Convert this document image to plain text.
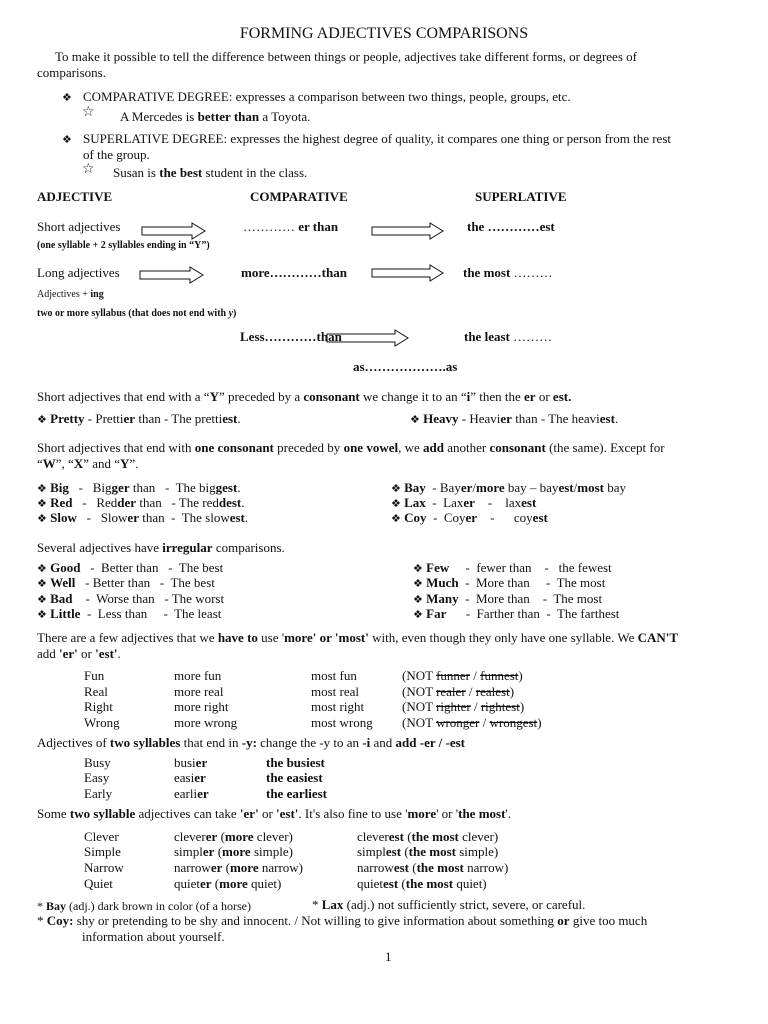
FORMING ADJECTIVES COMPARISONS
To make it possible to tell the difference between things or people, adjectives take different forms, or degrees of
comparisons.
❖ COMPARATIVE DEGREE: expresses a comparison between two things, people, groups, etc.
☆ A Mercedes is better than a Toyota.
❖ SUPERLATIVE DEGREE: expresses the highest degree of quality, it compares one thing or person from the rest
of the group.
☆ Susan is the best student in the class.
ADJECTIVE	COMPARATIVE	SUPERLATIVE
Short adjectives	………… er than	the …………est
(one syllable + 2 syllables ending in “Y”)
Long adjectives	more…………than	the most ………
Adjectives + ing
two or more syllabus (that does not end with y)
Less…………than	the least ………
as……………….as
Short adjectives that end with a “Y” preceded by a consonant we change it to an “i” then the er or est.
❖ Pretty - Prettier than - The prettiest.	❖ Heavy - Heavier than - The heaviest.
Short adjectives that end with one consonant preceded by one vowel, we add another consonant (the same). Except for
“W”, “X” and “Y”.
❖ Big   -   Bigger than   -  The biggest.
❖ Red   -   Redder than   - The reddest.
❖ Slow   -   Slower than  -  The slowest.
❖ Bay  - Bayer/more bay – bayest/most bay
❖ Lax  -  Laxer    -    laxest
❖ Coy  -  Coyer    -      coyest
Several adjectives have irregular comparisons.
❖ Good   -  Better than   -  The best
❖ Well   - Better than   -  The best
❖ Bad    -  Worse than   - The worst
❖ Little  -  Less than     -  The least
❖ Few     -  fewer than    -   the fewest
❖ Much  -  More than     -  The most
❖ Many  -  More than    -  The most
❖ Far      -  Farther than  -  The farthest
There are a few adjectives that we have to use 'more' or 'most' with, even though they only have one syllable. We CAN'T
add 'er' or 'est'.
Fun	more fun	most fun	(NOT funner / funnest)
Real	more real	most real	(NOT realer / realest)
Right	more right	most right	(NOT righter / rightest)
Wrong	more wrong	most wrong (NOT wronger / wrongest)
Adjectives of two syllables that end in -y: change the -y to an -i and add -er / -est
Busy	busier	the busiest
Easy	easier	the easiest
Early	earlier	the earliest
Some two syllable adjectives can take 'er' or 'est'. It's also fine to use 'more' or 'the most'.
Clever	cleverer (more clever)	cleverest (the most clever)
Simple	simpler (more simple)	simplest (the most simple)
Narrow	narrower (more narrow)	narrowest (the most narrow)
Quiet	quieter (more quiet)	quietest (the most quiet)
* Bay (adj.) dark brown in color (of a horse)	* Lax (adj.) not sufficiently strict, severe, or careful.
* Coy: shy or pretending to be shy and innocent. / Not willing to give information about something or give too much
information about yourself.
1
